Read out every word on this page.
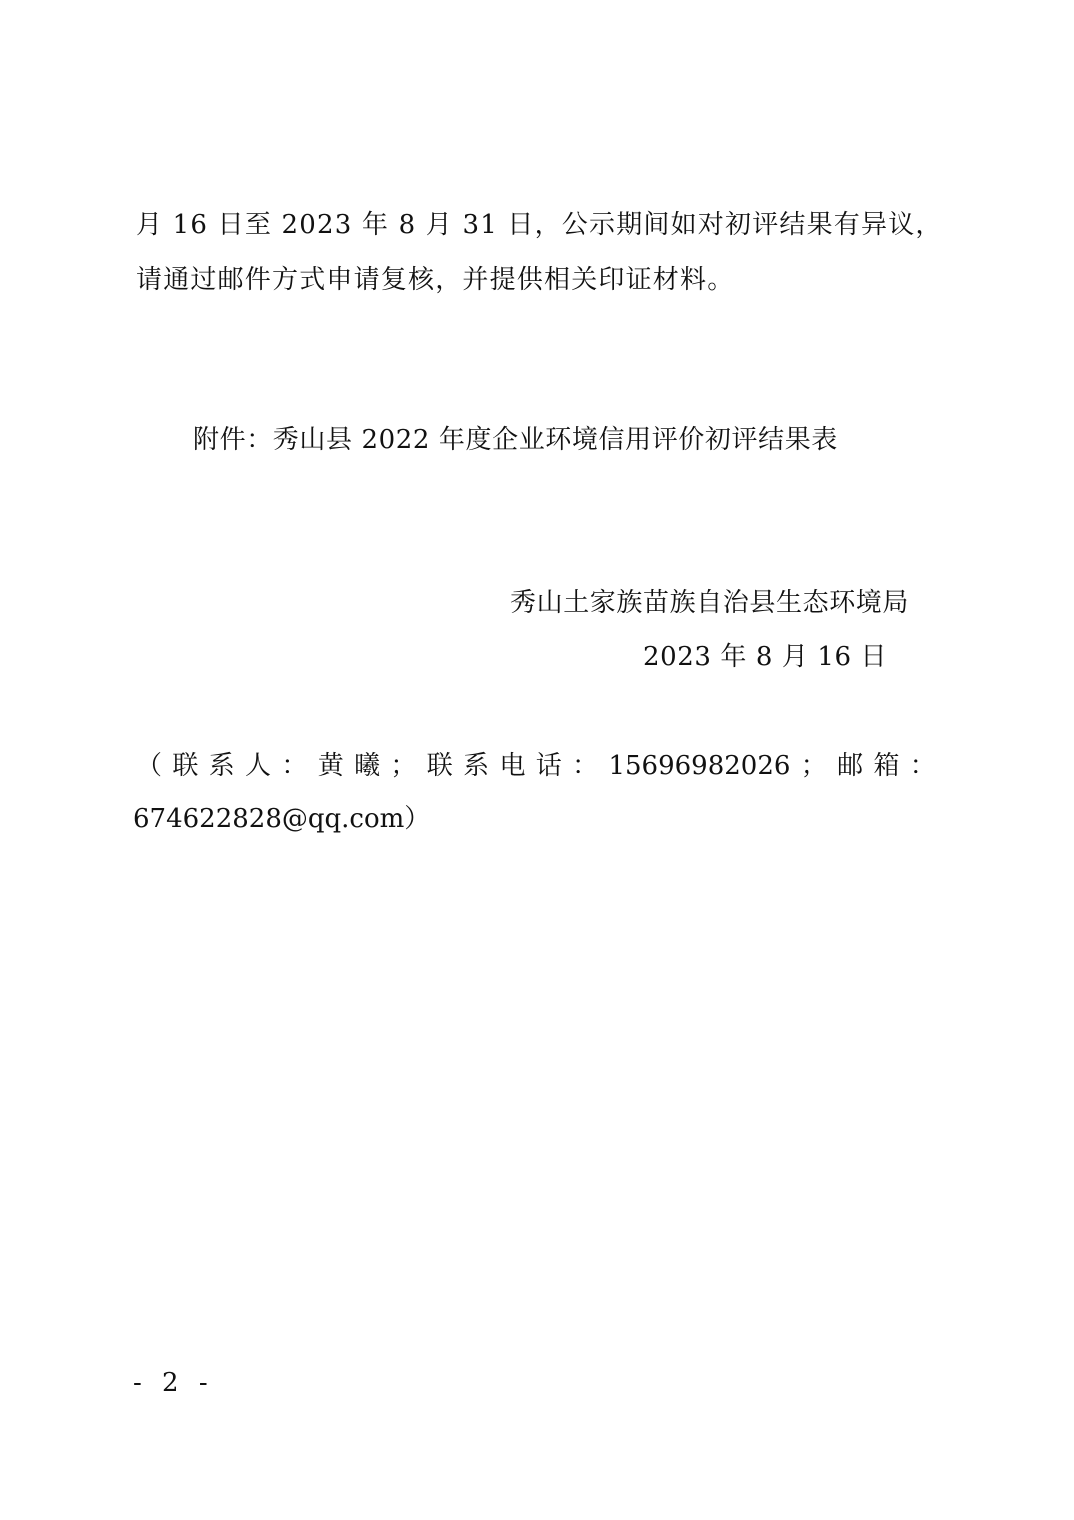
月 16 日至 2023 年 8 月 31 日，公示期间如对初评结果有异议，
请通过邮件方式申请复核，并提供相关印证材料。
附件：秀山县 2022 年度企业环境信用评价初评结果表
秀山土家族苗族自治县生态环境局
2023 年 8 月 16 日
（ 联 系 人 ： 黄 曦 ； 联 系 电 话 ： 15696982026 ； 邮 箱 ：
674622828@qq.com）
- 2 -
